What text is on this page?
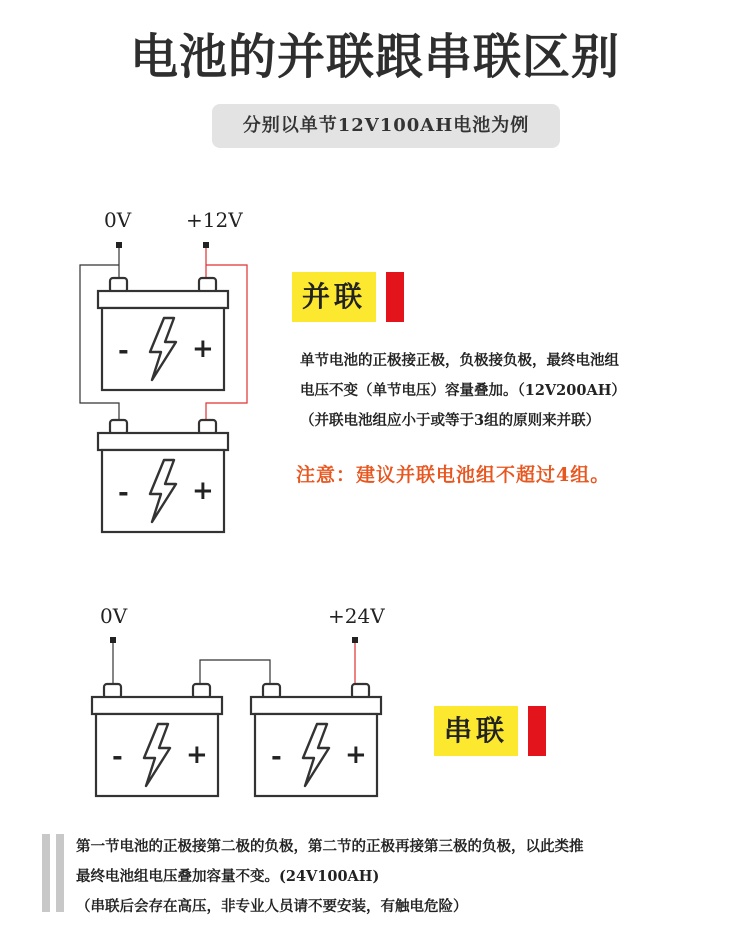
电池的并联跟串联区别
分别以单节12V100AH电池为例
- +
- +
- + - +
0V	+12V
并联
单节电池的正极接正极，负极接负极，最终电池组
电压不变（单节电压）容量叠加。（12V200AH）
（并联电池组应小于或等于3组的原则来并联）
注意：建议并联电池组不超过4组。
0V	+24V
串联
第一节电池的正极接第二极的负极，第二节的正极再接第三极的负极，以此类推
最终电池组电压叠加容量不变。(24V100AH)
（串联后会存在高压，非专业人员请不要安装，有触电危险）
